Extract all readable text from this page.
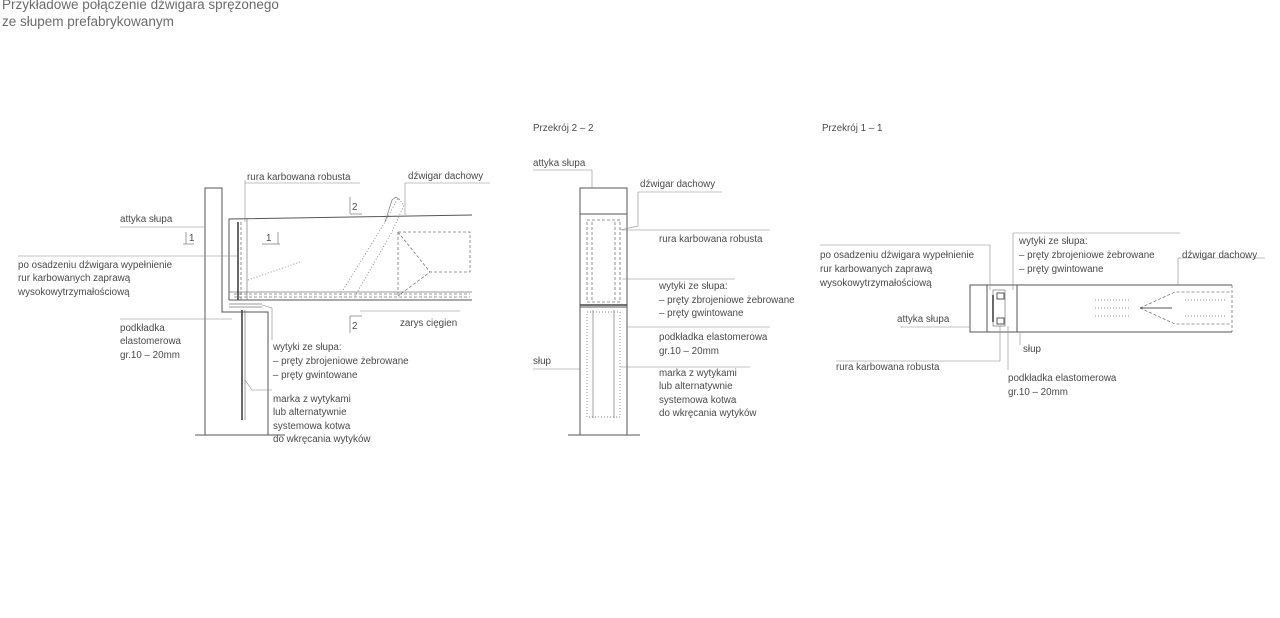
Przykładowe połączenie dźwigara sprężonego
ze słupem prefabrykowanym
1	1
2
2
rura karbowana robusta	dźwigar dachowy
attyka słupa
po osadzeniu dźwigara wypełnienie
rur karbowanych zaprawą
wysokowytrzymałościową
podkładka
elastomerowa
gr.10 – 20mm
wytyki ze słupa:
– pręty zbrojeniowe żebrowane
– pręty gwintowane
marka z wytykami
lub alternatywnie
systemowa kotwa
do wkręcania wytyków
zarys cięgien
Przekrój 2 – 2
attyka słupa
dźwigar dachowy
rura karbowana robusta
wytyki ze słupa:
– pręty zbrojeniowe żebrowane
– pręty gwintowane
podkładka elastomerowa
gr.10 – 20mm
słup
marka z wytykami
lub alternatywnie
systemowa kotwa
do wkręcania wytyków
Przekrój 1 – 1
po osadzeniu dźwigara wypełnienie
rur karbowanych zaprawą
wysokowytrzymałościową
wytyki ze słupa:
– pręty zbrojeniowe żebrowane
– pręty gwintowane
dźwigar dachowy
attyka słupa
słup
rura karbowana robusta
podkładka elastomerowa
gr.10 – 20mm
